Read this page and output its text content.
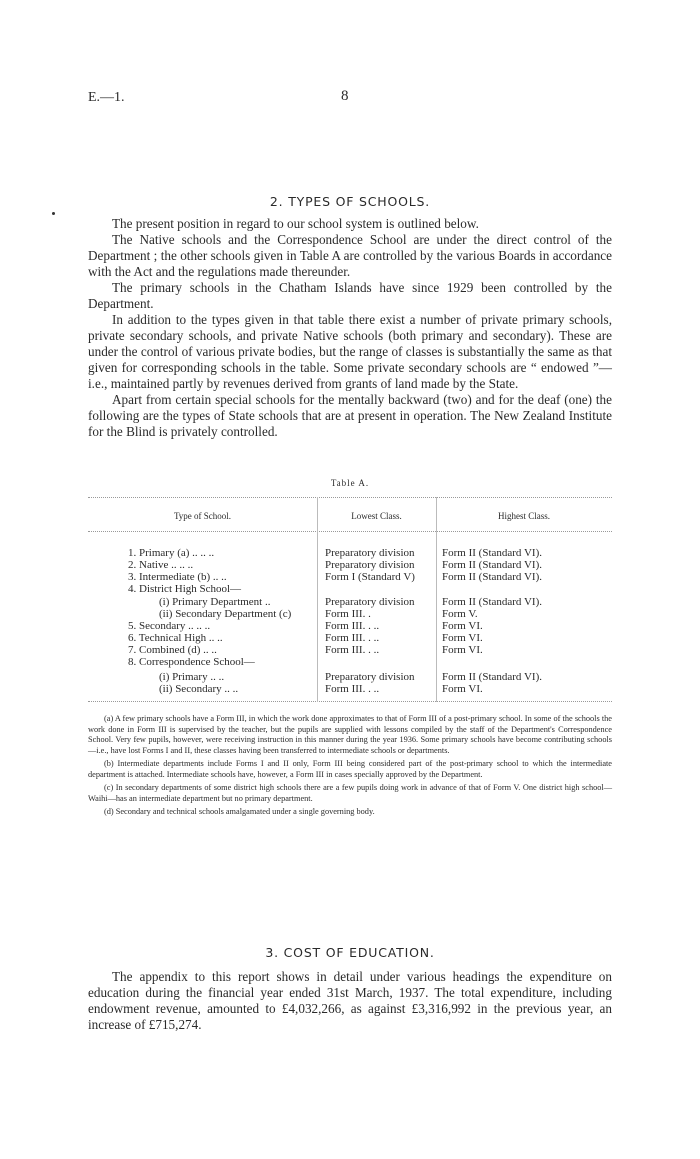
E.—1.	8
2. TYPES OF SCHOOLS.

The present position in regard to our school system is outlined below.

The Native schools and the Correspondence School are under the direct control of the Department ; the other schools given in Table A are controlled by the various Boards in accordance with the Act and the regulations made thereunder.

The primary schools in the Chatham Islands have since 1929 been controlled by the Department.

In addition to the types given in that table there exist a number of private primary schools, private secondary schools, and private Native schools (both primary and secondary). These are under the control of various private bodies, but the range of classes is substantially the same as that given for corresponding schools in the table. Some private secondary schools are “ endowed ”—i.e., maintained partly by revenues derived from grants of land made by the State.

Apart from certain special schools for the mentally backward (two) and for the deaf (one) the following are the types of State schools that are at present in operation. The New Zealand Institute for the Blind is privately controlled.

Table A.
Type of School.	Lowest Class.	Highest Class.
1. Primary (a) .. .. ..	Preparatory division	Form II (Standard VI).
2. Native .. .. ..	Preparatory division	Form II (Standard VI).
3. Intermediate (b) .. ..	Form I (Standard V)	Form II (Standard VI).
4. District High School—
(i) Primary Department ..	Preparatory division	Form II (Standard VI).
(ii) Secondary Department (c)	Form III. .	Form V.
5. Secondary .. .. ..	Form III. . ..	Form VI.
6. Technical High .. ..	Form III. . ..	Form VI.
7. Combined (d) .. ..	Form III. . ..	Form VI.
8. Correspondence School—
(i) Primary .. ..	Preparatory division	Form II (Standard VI).
(ii) Secondary .. ..	Form III. . ..	Form VI.

(a) A few primary schools have a Form III, in which the work done approximates to that of Form III of a post-primary school. In some of the schools the work done in Form III is supervised by the teacher, but the pupils are supplied with lessons compiled by the staff of the Department's Correspondence School. Very few pupils, however, were receiving instruction in this manner during the year 1936. Some primary schools have become contributing schools—i.e., have lost Forms I and II, these classes having been transferred to intermediate schools or departments.

(b) Intermediate departments include Forms I and II only, Form III being considered part of the post-primary school to which the intermediate department is attached. Intermediate schools have, however, a Form III in cases specially approved by the Department.

(c) In secondary departments of some district high schools there are a few pupils doing work in advance of that of Form V. One district high school—Waihi—has an intermediate department but no primary department.

(d) Secondary and technical schools amalgamated under a single governing body.

3. COST OF EDUCATION.

The appendix to this report shows in detail under various headings the expenditure on education during the financial year ended 31st March, 1937. The total expenditure, including endowment revenue, amounted to £4,032,266, as against £3,316,992 in the previous year, an increase of £715,274.
